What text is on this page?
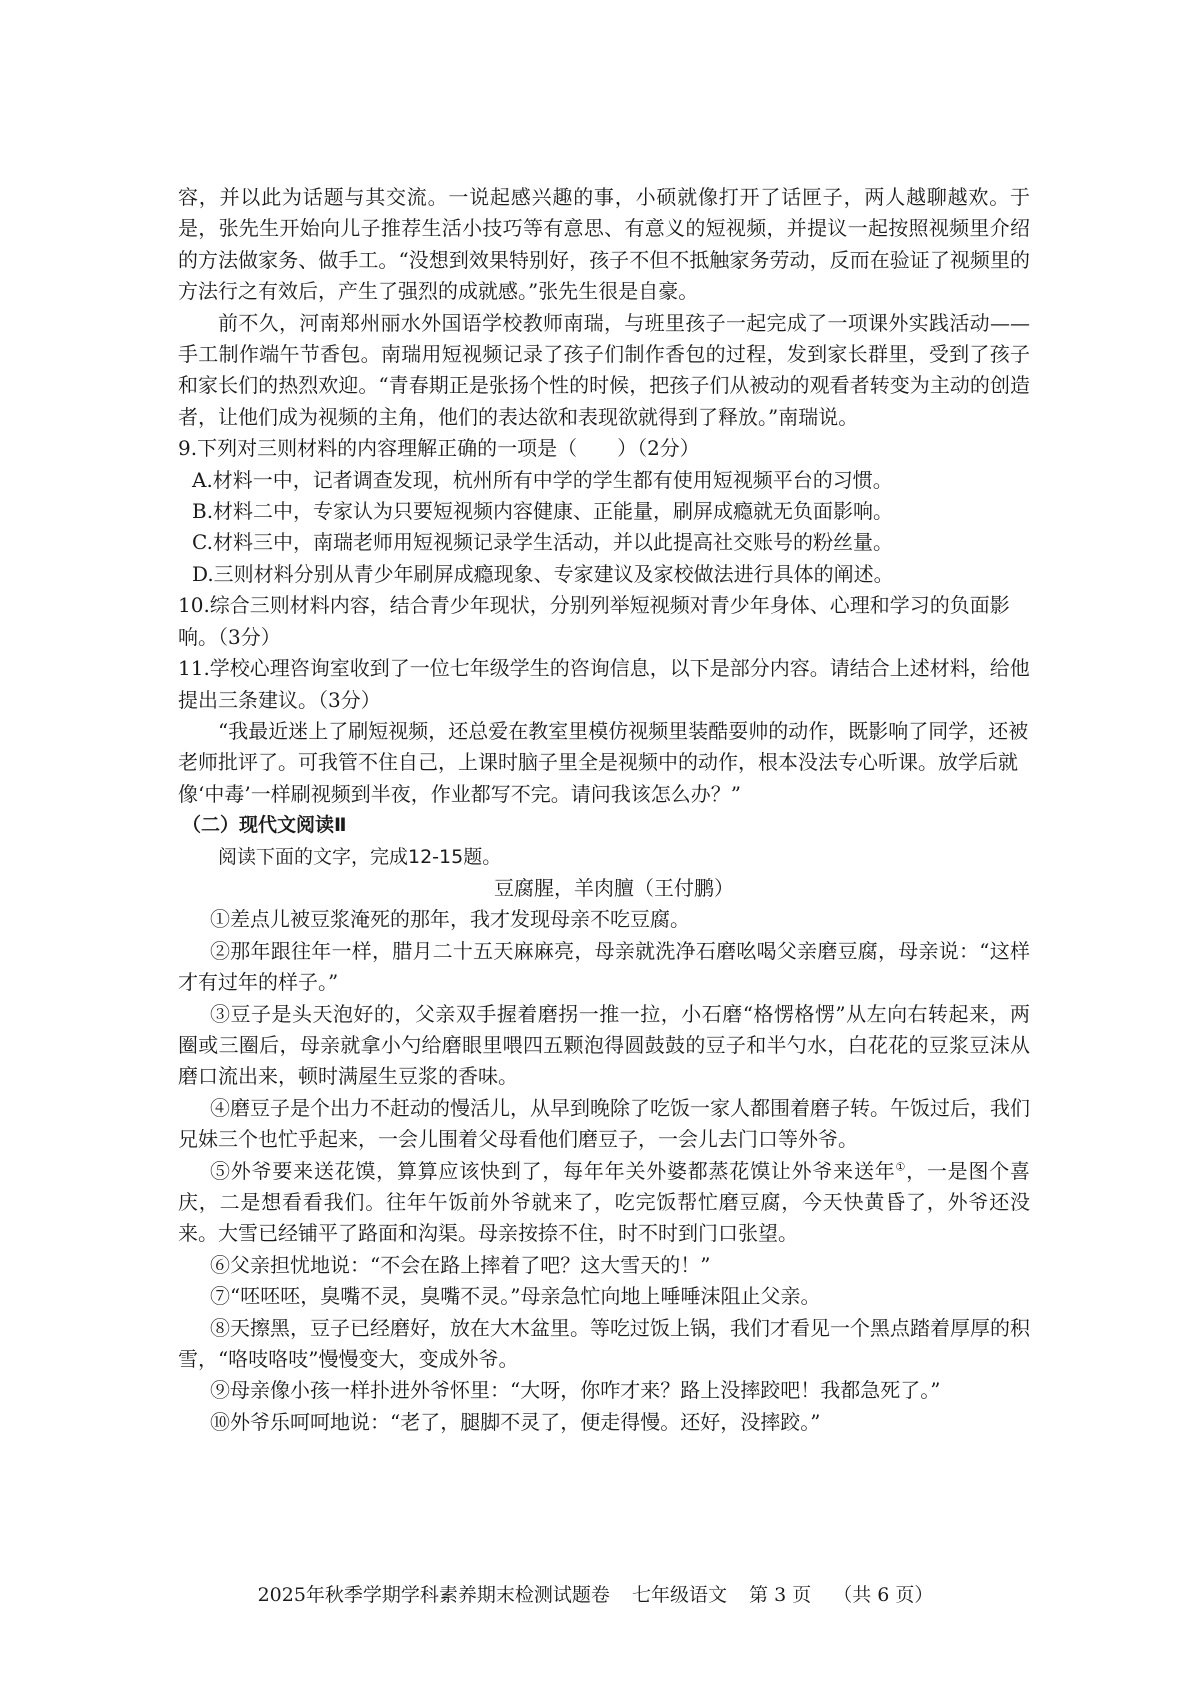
容，并以此为话题与其交流。一说起感兴趣的事，小硕就像打开了话匣子，两人越聊越欢。于是，张先生开始向儿子推荐生活小技巧等有意思、有意义的短视频，并提议一起按照视频里介绍的方法做家务、做手工。“没想到效果特别好，孩子不但不抵触家务劳动，反而在验证了视频里的方法行之有效后，产生了强烈的成就感。”张先生很是自豪。

前不久，河南郑州丽水外国语学校教师南瑞，与班里孩子一起完成了一项课外实践活动——手工制作端午节香包。南瑞用短视频记录了孩子们制作香包的过程，发到家长群里，受到了孩子和家长们的热烈欢迎。“青春期正是张扬个性的时候，把孩子们从被动的观看者转变为主动的创造者，让他们成为视频的主角，他们的表达欲和表现欲就得到了释放。”南瑞说。

9.下列对三则材料的内容理解正确的一项是（　　）（2分）

A.材料一中，记者调查发现，杭州所有中学的学生都有使用短视频平台的习惯。

B.材料二中，专家认为只要短视频内容健康、正能量，刷屏成瘾就无负面影响。

C.材料三中，南瑞老师用短视频记录学生活动，并以此提高社交账号的粉丝量。

D.三则材料分别从青少年刷屏成瘾现象、专家建议及家校做法进行具体的阐述。

10.综合三则材料内容，结合青少年现状，分别列举短视频对青少年身体、心理和学习的负面影响。（3分）

11.学校心理咨询室收到了一位七年级学生的咨询信息，以下是部分内容。请结合上述材料，给他提出三条建议。（3分）

“我最近迷上了刷短视频，还总爱在教室里模仿视频里装酷耍帅的动作，既影响了同学，还被老师批评了。可我管不住自己，上课时脑子里全是视频中的动作，根本没法专心听课。放学后就像‘中毒’一样刷视频到半夜，作业都写不完。请问我该怎么办？”

（二）现代文阅读Ⅱ

阅读下面的文字，完成12-15题。

豆腐腥，羊肉膻（王付鹏）

①差点儿被豆浆淹死的那年，我才发现母亲不吃豆腐。

②那年跟往年一样，腊月二十五天麻麻亮，母亲就洗净石磨吆喝父亲磨豆腐，母亲说：“这样才有过年的样子。”

③豆子是头天泡好的，父亲双手握着磨拐一推一拉，小石磨“格愣格愣”从左向右转起来，两圈或三圈后，母亲就拿小勺给磨眼里喂四五颗泡得圆鼓鼓的豆子和半勺水，白花花的豆浆豆沫从磨口流出来，顿时满屋生豆浆的香味。

④磨豆子是个出力不赶动的慢活儿，从早到晚除了吃饭一家人都围着磨子转。午饭过后，我们兄妹三个也忙乎起来，一会儿围着父母看他们磨豆子，一会儿去门口等外爷。

⑤外爷要来送花馍，算算应该快到了，每年年关外婆都蒸花馍让外爷来送年①，一是图个喜庆，二是想看看我们。往年午饭前外爷就来了，吃完饭帮忙磨豆腐，今天快黄昏了，外爷还没来。大雪已经铺平了路面和沟渠。母亲按捺不住，时不时到门口张望。

⑥父亲担忧地说：“不会在路上摔着了吧？这大雪天的！”

⑦“呸呸呸，臭嘴不灵，臭嘴不灵。”母亲急忙向地上唾唾沫阻止父亲。

⑧天擦黑，豆子已经磨好，放在大木盆里。等吃过饭上锅，我们才看见一个黑点踏着厚厚的积雪，“咯吱咯吱”慢慢变大，变成外爷。

⑨母亲像小孩一样扑进外爷怀里：“大呀，你咋才来？路上没摔跤吧！我都急死了。”

⑩外爷乐呵呵地说：“老了，腿脚不灵了，便走得慢。还好，没摔跤。”

2025年秋季学期学科素养期末检测试题卷 七年级语文 第 3 页 （共 6 页）
